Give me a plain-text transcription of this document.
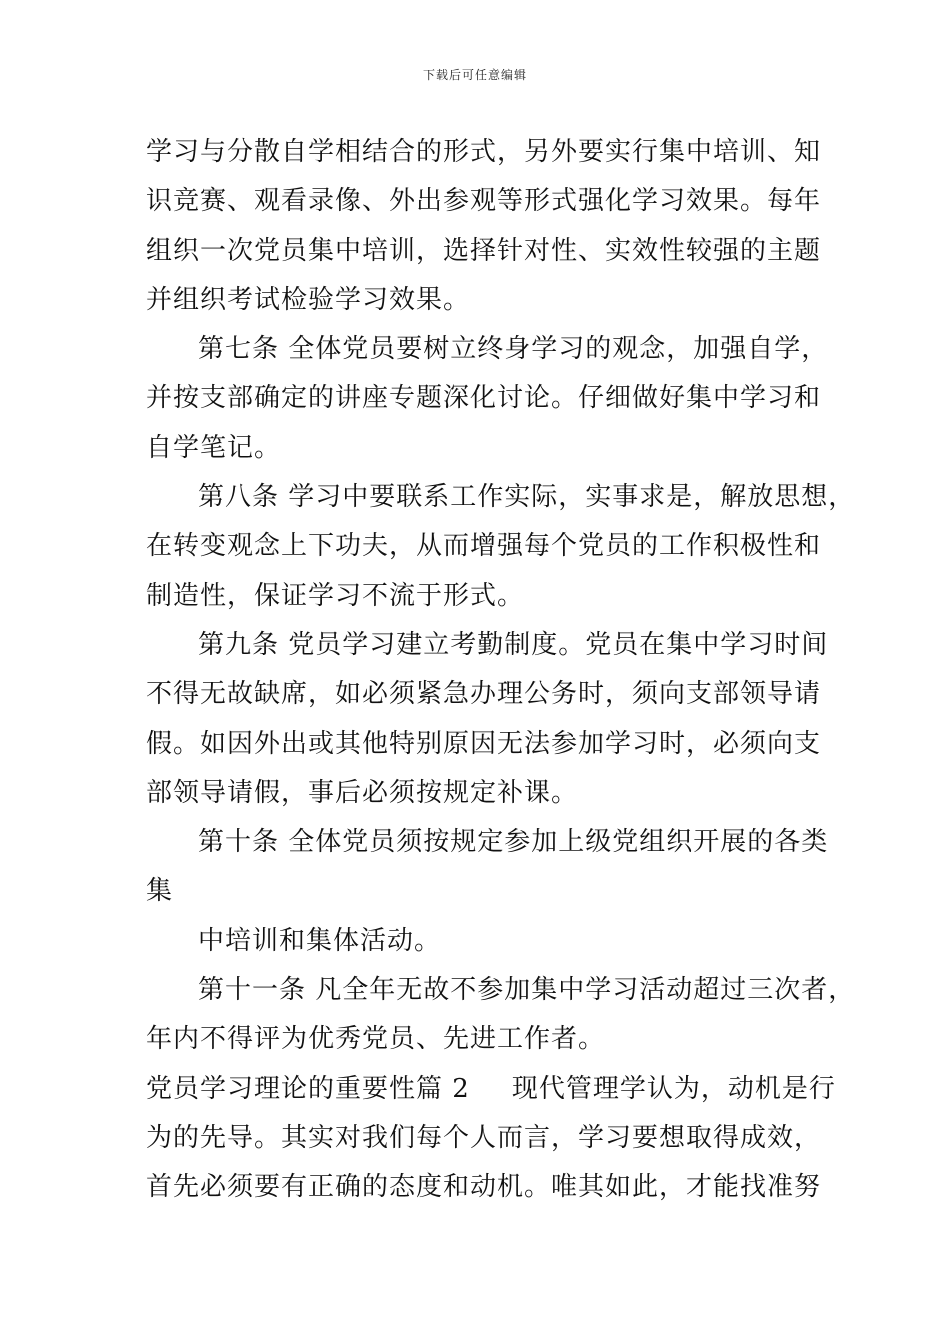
下载后可任意编辑
学习与分散自学相结合的形式，另外要实行集中培训、知
识竞赛、观看录像、外出参观等形式强化学习效果。每年
组织一次党员集中培训，选择针对性、实效性较强的主题
并组织考试检验学习效果。
第七条 全体党员要树立终身学习的观念，加强自学，
并按支部确定的讲座专题深化讨论。仔细做好集中学习和
自学笔记。
第八条 学习中要联系工作实际，实事求是，解放思想，
在转变观念上下功夫，从而增强每个党员的工作积极性和
制造性，保证学习不流于形式。
第九条 党员学习建立考勤制度。党员在集中学习时间
不得无故缺席，如必须紧急办理公务时，须向支部领导请
假。如因外出或其他特别原因无法参加学习时，必须向支
部领导请假，事后必须按规定补课。
第十条 全体党员须按规定参加上级党组织开展的各类
集
中培训和集体活动。
第十一条 凡全年无故不参加集中学习活动超过三次者，
年内不得评为优秀党员、先进工作者。
党员学习理论的重要性篇 2 现代管理学认为，动机是行
为的先导。其实对我们每个人而言，学习要想取得成效，
首先必须要有正确的态度和动机。唯其如此，才能找准努
